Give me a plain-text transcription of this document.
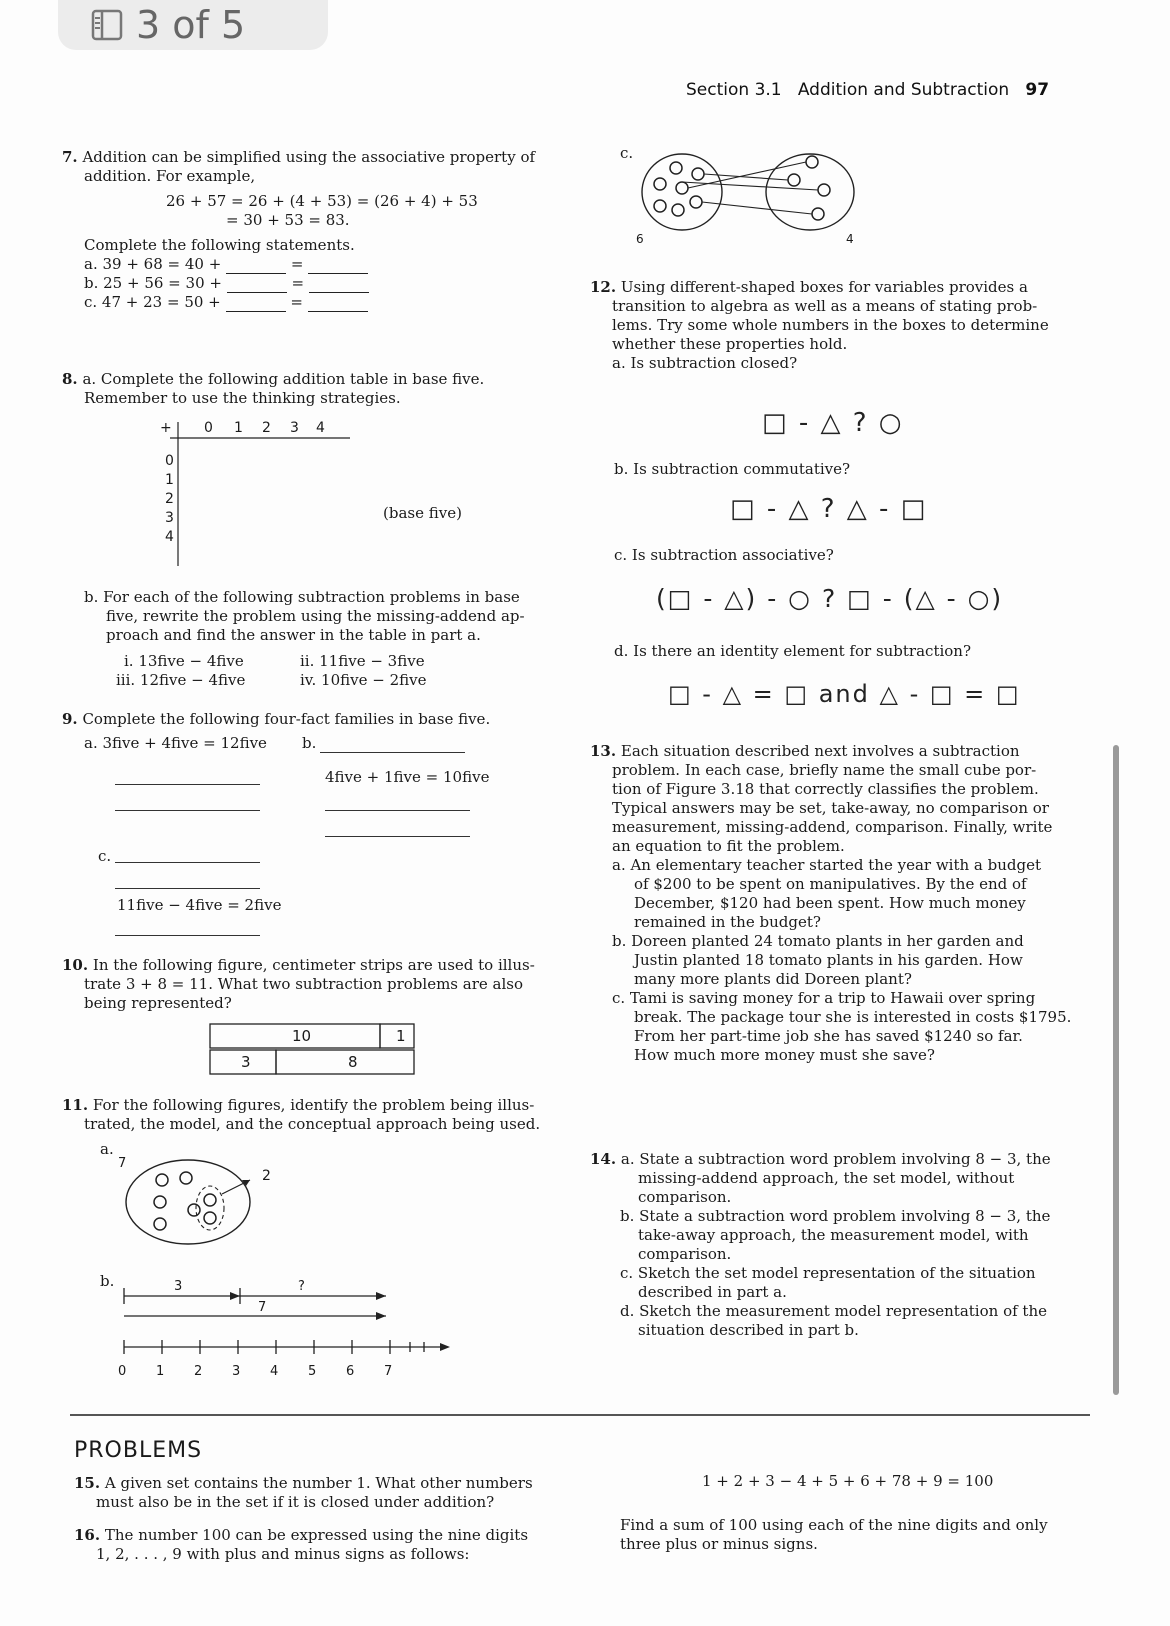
3 of 5
Section 3.1 Addition and Subtraction 97
7. Addition can be simplified using the associative property of
addition. For example,
26 + 57 = 26 + (4 + 53) = (26 + 4) + 53
= 30 + 53 = 83.
Complete the following statements.
a. 39 + 68 = 40 +	=
b. 25 + 56 = 30 +	=
c. 47 + 23 = 50 +	=
8. a. Complete the following addition table in base five.
Remember to use the thinking strategies.
+ 0 1 2 3 4
0
1
2
3
4
(base five)
b. For each of the following subtraction problems in base
five, rewrite the problem using the missing-addend ap-
proach and find the answer in the table in part a.
i. 13five − 4five	ii. 11five − 3five
iii. 12five − 4five	iv. 10five − 2five
9. Complete the following four-fact families in base five.
a. 3five + 4five = 12five b.
4five + 1five = 10five
c.
11five − 4five = 2five
10. In the following figure, centimeter strips are used to illus-
trate 3 + 8 = 11. What two subtraction problems are also
being represented?
10	1
3	8
11. For the following figures, identify the problem being illus-
trated, the model, and the conceptual approach being used.
a.
7
2
b.	3	?
7
0 1 2 3 4 5 6 7
c.
6	4
12. Using different-shaped boxes for variables provides a
transition to algebra as well as a means of stating prob-
lems. Try some whole numbers in the boxes to determine
whether these properties hold.
a. Is subtraction closed?
□ - △ ? ○
b. Is subtraction commutative?
□ - △ ? △ - □
c. Is subtraction associative?
(□ - △) - ○ ? □ - (△ - ○)
d. Is there an identity element for subtraction?
□ - △ = □ and △ - □ = □
13. Each situation described next involves a subtraction
problem. In each case, briefly name the small cube por-
tion of Figure 3.18 that correctly classifies the problem.
Typical answers may be set, take-away, no comparison or
measurement, missing-addend, comparison. Finally, write
an equation to fit the problem.
a. An elementary teacher started the year with a budget
of $200 to be spent on manipulatives. By the end of
December, $120 had been spent. How much money
remained in the budget?
b. Doreen planted 24 tomato plants in her garden and
Justin planted 18 tomato plants in his garden. How
many more plants did Doreen plant?
c. Tami is saving money for a trip to Hawaii over spring
break. The package tour she is interested in costs $1795.
From her part-time job she has saved $1240 so far.
How much more money must she save?
14. a. State a subtraction word problem involving 8 − 3, the
missing-addend approach, the set model, without
comparison.
b. State a subtraction word problem involving 8 − 3, the
take-away approach, the measurement model, with
comparison.
c. Sketch the set model representation of the situation
described in part a.
d. Sketch the measurement model representation of the
situation described in part b.
PROBLEMS
15. A given set contains the number 1. What other numbers
must also be in the set if it is closed under addition?
16. The number 100 can be expressed using the nine digits
1, 2, . . . , 9 with plus and minus signs as follows:
1 + 2 + 3 − 4 + 5 + 6 + 78 + 9 = 100
Find a sum of 100 using each of the nine digits and only
three plus or minus signs.
